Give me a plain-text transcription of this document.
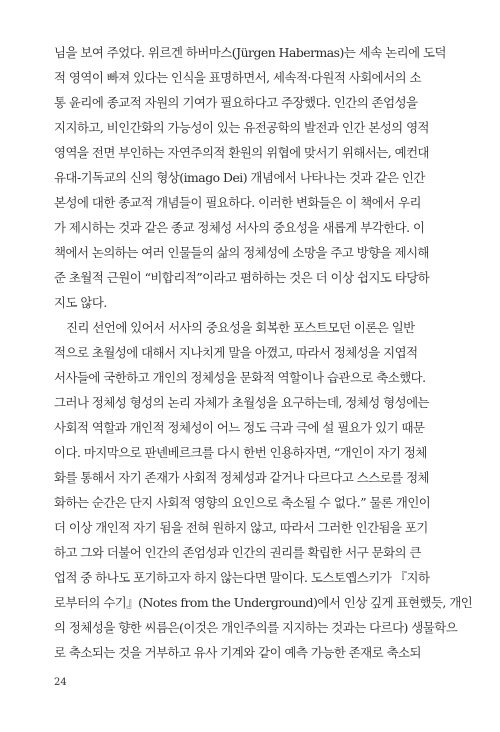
님을 보여 주었다. 위르겐 하버마스(Jürgen Habermas)는 세속 논리에 도덕
적 영역이 빠져 있다는 인식을 표명하면서, 세속적·다원적 사회에서의 소
통 윤리에 종교적 자원의 기여가 필요하다고 주장했다. 인간의 존엄성을
지지하고, 비인간화의 가능성이 있는 유전공학의 발전과 인간 본성의 영적
영역을 전면 부인하는 자연주의적 환원의 위협에 맞서기 위해서는, 예컨대
유대-기독교의 신의 형상(imago Dei) 개념에서 나타나는 것과 같은 인간
본성에 대한 종교적 개념들이 필요하다. 이러한 변화들은 이 책에서 우리
가 제시하는 것과 같은 종교 정체성 서사의 중요성을 새롭게 부각한다. 이
책에서 논의하는 여러 인물들의 삶의 정체성에 소망을 주고 방향을 제시해
준 초월적 근원이 “비합리적”이라고 폄하하는 것은 더 이상 쉽지도 타당하
지도 않다.
진리 선언에 있어서 서사의 중요성을 회복한 포스트모던 이론은 일반
적으로 초월성에 대해서 지나치게 말을 아꼈고, 따라서 정체성을 지엽적
서사들에 국한하고 개인의 정체성을 문화적 역할이나 습관으로 축소했다.
그러나 정체성 형성의 논리 자체가 초월성을 요구하는데, 정체성 형성에는
사회적 역할과 개인적 정체성이 어느 정도 극과 극에 설 필요가 있기 때문
이다. 마지막으로 판넨베르크를 다시 한번 인용하자면, “개인이 자기 정체
화를 통해서 자기 존재가 사회적 정체성과 같거나 다르다고 스스로를 정체
화하는 순간은 단지 사회적 영향의 요인으로 축소될 수 없다.” 물론 개인이
더 이상 개인적 자기 됨을 전혀 원하지 않고, 따라서 그러한 인간됨을 포기
하고 그와 더불어 인간의 존엄성과 인간의 권리를 확립한 서구 문화의 큰
업적 중 하나도 포기하고자 하지 않는다면 말이다. 도스토옙스키가 『지하
로부터의 수기』(Notes from the Underground)에서 인상 깊게 표현했듯, 개인
의 정체성을 향한 씨름은(이것은 개인주의를 지지하는 것과는 다르다) 생물학으
로 축소되는 것을 거부하고 유사 기계와 같이 예측 가능한 존재로 축소되
24
